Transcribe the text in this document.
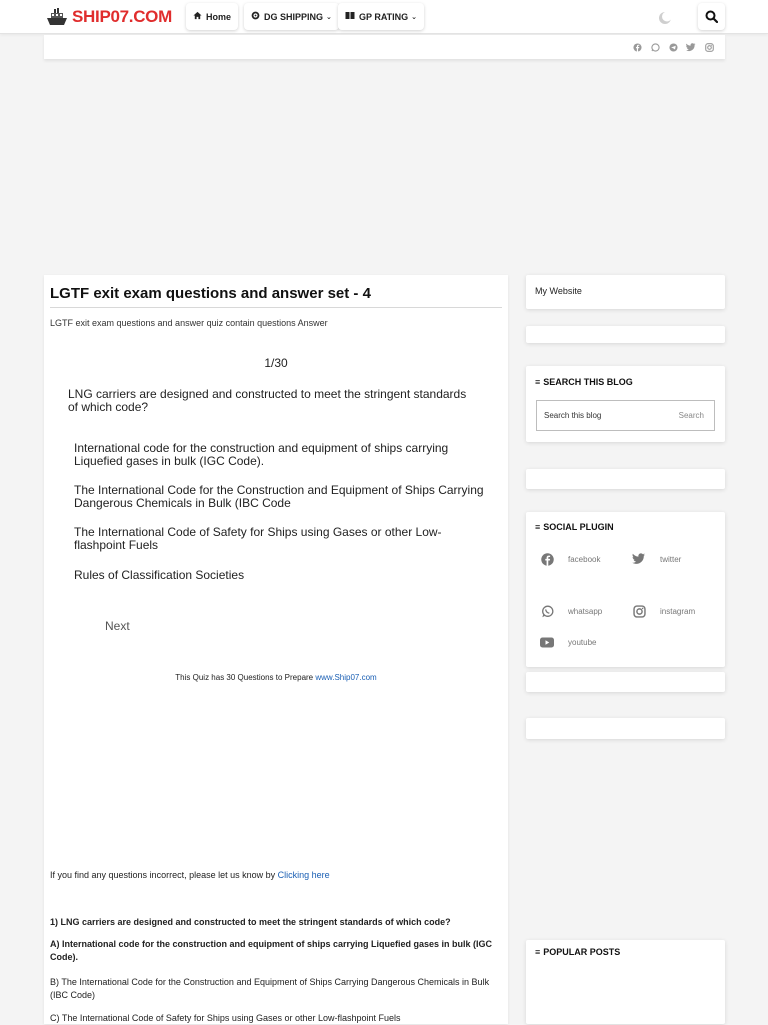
SHIP07.COM	Home	DG SHIPPING ⌄	GP RATING ⌄
LGTF exit exam questions and answer set - 4

LGTF exit exam questions and answer quiz contain questions Answer

1/30
LNG carriers are designed and constructed to meet the stringent standards of which code?
International code for the construction and equipment of ships carrying Liquefied gases in bulk (IGC Code).
The International Code for the Construction and Equipment of Ships Carrying Dangerous Chemicals in Bulk (IBC Code
The International Code of Safety for Ships using Gases or other Low-flashpoint Fuels
Rules of Classification Societies
Next
This Quiz has 30 Questions to Prepare www.Ship07.com
If you find any questions incorrect, please let us know by Clicking here
1) LNG carriers are designed and constructed to meet the stringent standards of which code?
A) International code for the construction and equipment of ships carrying Liquefied gases in bulk (IGC Code).
B) The International Code for the Construction and Equipment of Ships Carrying Dangerous Chemicals in Bulk (IBC Code)
C) The International Code of Safety for Ships using Gases or other Low-flashpoint Fuels
My Website
≡ SEARCH THIS BLOG
Search this blog
Search
≡ SOCIAL PLUGIN
facebook	twitter
whatsapp	instagram
youtube
≡ POPULAR POSTS
